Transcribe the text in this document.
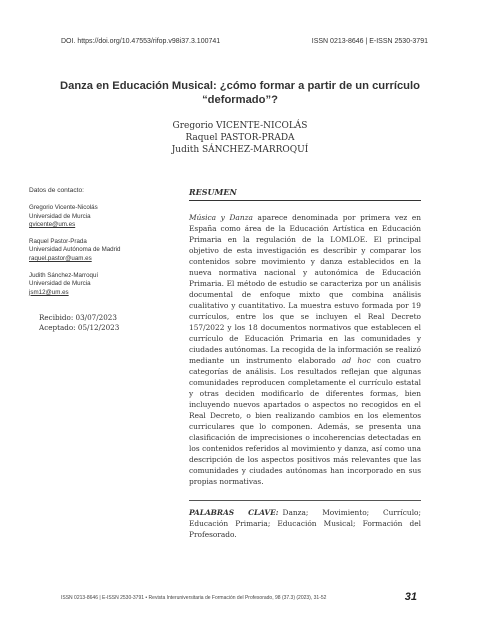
DOI. https://doi.org/10.47553/rifop.v98i37.3.100741	ISSN 0213-8646 | E-ISSN 2530-3791
Danza en Educación Musical: ¿cómo formar a partir de un currículo “deformado”?
Gregorio VICENTE-NICOLÁS
Raquel PASTOR-PRADA
Judith SÁNCHEZ-MARROQUÍ
Datos de contacto:
Gregorio Vicente-Nicolás
Universidad de Murcia
gvicente@um.es
Raquel Pastor-Prada
Universidad Autónoma de Madrid
raquel.pastor@uam.es
Judith Sánchez-Marroquí
Universidad de Murcia
jsm12@um.es
Recibido: 03/07/2023
Aceptado: 05/12/2023
RESUMEN
Música y Danza aparece denominada por primera vez en España como área de la Educación Artística en Educación Primaria en la regulación de la LOMLOE. El principal objetivo de esta investigación es describir y comparar los contenidos sobre movimiento y danza establecidos en la nueva normativa nacional y autonómica de Educación Primaria. El método de estudio se caracteriza por un análisis documental de enfoque mixto que combina análisis cualitativo y cuantitativo. La muestra estuvo formada por 19 currículos, entre los que se incluyen el Real Decreto 157/2022 y los 18 documentos normativos que establecen el currículo de Educación Primaria en las comunidades y ciudades autónomas. La recogida de la información se realizó mediante un instrumento elaborado ad hoc con cuatro categorías de análisis. Los resultados reflejan que algunas comunidades reproducen completamente el currículo estatal y otras deciden modificarlo de diferentes formas, bien incluyendo nuevos apartados o aspectos no recogidos en el Real Decreto, o bien realizando cambios en los elementos curriculares que lo componen. Además, se presenta una clasificación de imprecisiones o incoherencias detectadas en los contenidos referidos al movimiento y danza, así como una descripción de los aspectos positivos más relevantes que las comunidades y ciudades autónomas han incorporado en sus propias normativas.
PALABRAS CLAVE: Danza; Movimiento; Currículo; Educación Primaria; Educación Musical; Formación del Profesorado.
ISSN 0213-8646 | E-ISSN 2530-3791 • Revista Interuniversitaria de Formación del Profesorado, 98 (37.3) (2023), 31-52	31
